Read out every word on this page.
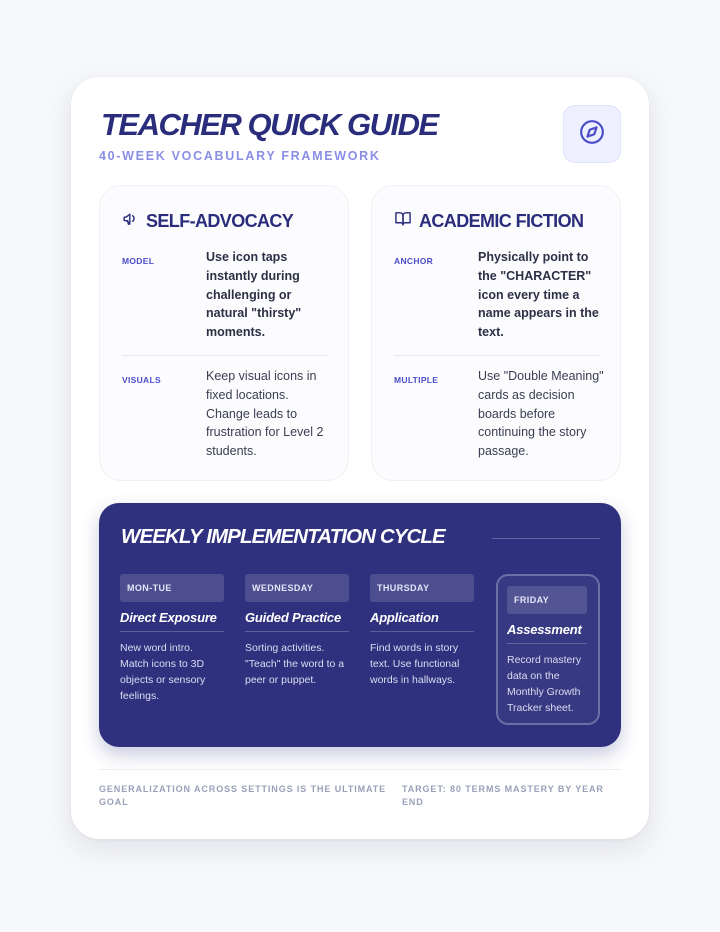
TEACHER QUICK GUIDE
40-WEEK VOCABULARY FRAMEWORK
SELF-ADVOCACY
MODEL	Use icon taps instantly during challenging or natural "thirsty" moments.
VISUALS	Keep visual icons in fixed locations. Change leads to frustration for Level 2 students.
ACADEMIC FICTION
ANCHOR	Physically point to the "CHARACTER" icon every time a name appears in the text.
MULTIPLE	Use "Double Meaning" cards as decision boards before continuing the story passage.
WEEKLY IMPLEMENTATION CYCLE
MON-TUE
Direct Exposure
New word intro. Match icons to 3D objects or sensory feelings.
WEDNESDAY
Guided Practice
Sorting activities. "Teach" the word to a peer or puppet.
THURSDAY
Application
Find words in story text. Use functional words in hallways.
FRIDAY
Assessment
Record mastery data on the Monthly Growth Tracker sheet.
GENERALIZATION ACROSS SETTINGS IS THE ULTIMATE GOAL
TARGET: 80 TERMS MASTERY BY YEAR END
